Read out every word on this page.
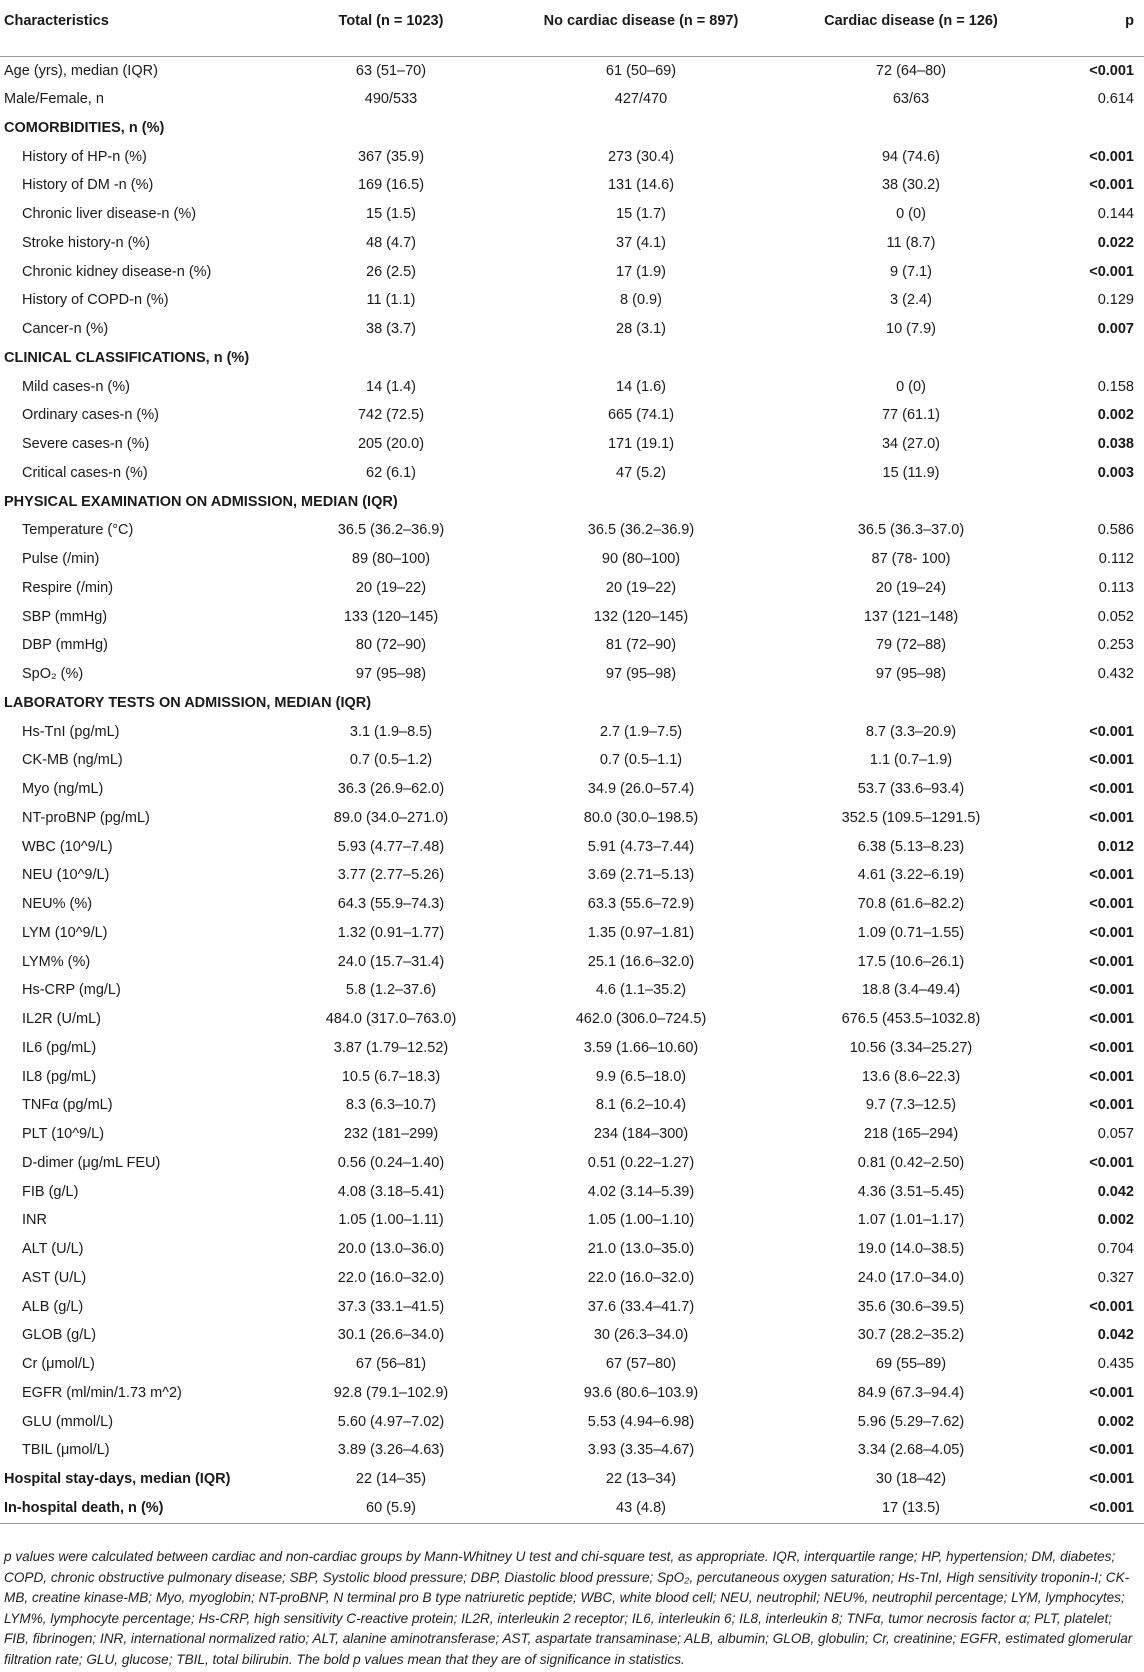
Characteristics	Total (n = 1023)	No cardiac disease (n = 897)	Cardiac disease (n = 126)	p
Age (yrs), median (IQR)	63 (51–70)	61 (50–69)	72 (64–80)	<0.001
Male/Female, n	490/533	427/470	63/63	0.614
COMORBIDITIES, n (%)				
History of HP-n (%)	367 (35.9)	273 (30.4)	94 (74.6)	<0.001
History of DM -n (%)	169 (16.5)	131 (14.6)	38 (30.2)	<0.001
Chronic liver disease-n (%)	15 (1.5)	15 (1.7)	0 (0)	0.144
Stroke history-n (%)	48 (4.7)	37 (4.1)	11 (8.7)	0.022
Chronic kidney disease-n (%)	26 (2.5)	17 (1.9)	9 (7.1)	<0.001
History of COPD-n (%)	11 (1.1)	8 (0.9)	3 (2.4)	0.129
Cancer-n (%)	38 (3.7)	28 (3.1)	10 (7.9)	0.007
CLINICAL CLASSIFICATIONS, n (%)				
Mild cases-n (%)	14 (1.4)	14 (1.6)	0 (0)	0.158
Ordinary cases-n (%)	742 (72.5)	665 (74.1)	77 (61.1)	0.002
Severe cases-n (%)	205 (20.0)	171 (19.1)	34 (27.0)	0.038
Critical cases-n (%)	62 (6.1)	47 (5.2)	15 (11.9)	0.003
PHYSICAL EXAMINATION ON ADMISSION, MEDIAN (IQR)				
Temperature (°C)	36.5 (36.2–36.9)	36.5 (36.2–36.9)	36.5 (36.3–37.0)	0.586
Pulse (/min)	89 (80–100)	90 (80–100)	87 (78- 100)	0.112
Respire (/min)	20 (19–22)	20 (19–22)	20 (19–24)	0.113
SBP (mmHg)	133 (120–145)	132 (120–145)	137 (121–148)	0.052
DBP (mmHg)	80 (72–90)	81 (72–90)	79 (72–88)	0.253
SpO₂ (%)	97 (95–98)	97 (95–98)	97 (95–98)	0.432
LABORATORY TESTS ON ADMISSION, MEDIAN (IQR)				
Hs-TnI (pg/mL)	3.1 (1.9–8.5)	2.7 (1.9–7.5)	8.7 (3.3–20.9)	<0.001
CK-MB (ng/mL)	0.7 (0.5–1.2)	0.7 (0.5–1.1)	1.1 (0.7–1.9)	<0.001
Myo (ng/mL)	36.3 (26.9–62.0)	34.9 (26.0–57.4)	53.7 (33.6–93.4)	<0.001
NT-proBNP (pg/mL)	89.0 (34.0–271.0)	80.0 (30.0–198.5)	352.5 (109.5–1291.5)	<0.001
WBC (10^9/L)	5.93 (4.77–7.48)	5.91 (4.73–7.44)	6.38 (5.13–8.23)	0.012
NEU (10^9/L)	3.77 (2.77–5.26)	3.69 (2.71–5.13)	4.61 (3.22–6.19)	<0.001
NEU% (%)	64.3 (55.9–74.3)	63.3 (55.6–72.9)	70.8 (61.6–82.2)	<0.001
LYM (10^9/L)	1.32 (0.91–1.77)	1.35 (0.97–1.81)	1.09 (0.71–1.55)	<0.001
LYM% (%)	24.0 (15.7–31.4)	25.1 (16.6–32.0)	17.5 (10.6–26.1)	<0.001
Hs-CRP (mg/L)	5.8 (1.2–37.6)	4.6 (1.1–35.2)	18.8 (3.4–49.4)	<0.001
IL2R (U/mL)	484.0 (317.0–763.0)	462.0 (306.0–724.5)	676.5 (453.5–1032.8)	<0.001
IL6 (pg/mL)	3.87 (1.79–12.52)	3.59 (1.66–10.60)	10.56 (3.34–25.27)	<0.001
IL8 (pg/mL)	10.5 (6.7–18.3)	9.9 (6.5–18.0)	13.6 (8.6–22.3)	<0.001
TNFα (pg/mL)	8.3 (6.3–10.7)	8.1 (6.2–10.4)	9.7 (7.3–12.5)	<0.001
PLT (10^9/L)	232 (181–299)	234 (184–300)	218 (165–294)	0.057
D-dimer (μg/mL FEU)	0.56 (0.24–1.40)	0.51 (0.22–1.27)	0.81 (0.42–2.50)	<0.001
FIB (g/L)	4.08 (3.18–5.41)	4.02 (3.14–5.39)	4.36 (3.51–5.45)	0.042
INR	1.05 (1.00–1.11)	1.05 (1.00–1.10)	1.07 (1.01–1.17)	0.002
ALT (U/L)	20.0 (13.0–36.0)	21.0 (13.0–35.0)	19.0 (14.0–38.5)	0.704
AST (U/L)	22.0 (16.0–32.0)	22.0 (16.0–32.0)	24.0 (17.0–34.0)	0.327
ALB (g/L)	37.3 (33.1–41.5)	37.6 (33.4–41.7)	35.6 (30.6–39.5)	<0.001
GLOB (g/L)	30.1 (26.6–34.0)	30 (26.3–34.0)	30.7 (28.2–35.2)	0.042
Cr (μmol/L)	67 (56–81)	67 (57–80)	69 (55–89)	0.435
EGFR (ml/min/1.73 m^2)	92.8 (79.1–102.9)	93.6 (80.6–103.9)	84.9 (67.3–94.4)	<0.001
GLU (mmol/L)	5.60 (4.97–7.02)	5.53 (4.94–6.98)	5.96 (5.29–7.62)	0.002
TBIL (μmol/L)	3.89 (3.26–4.63)	3.93 (3.35–4.67)	3.34 (2.68–4.05)	<0.001
Hospital stay-days, median (IQR)	22 (14–35)	22 (13–34)	30 (18–42)	<0.001
In-hospital death, n (%)	60 (5.9)	43 (4.8)	17 (13.5)	<0.001
p values were calculated between cardiac and non-cardiac groups by Mann-Whitney U test and chi-square test, as appropriate. IQR, interquartile range; HP, hypertension; DM, diabetes; COPD, chronic obstructive pulmonary disease; SBP, Systolic blood pressure; DBP, Diastolic blood pressure; SpO₂, percutaneous oxygen saturation; Hs-TnI, High sensitivity troponin-I; CK-MB, creatine kinase-MB; Myo, myoglobin; NT-proBNP, N terminal pro B type natriuretic peptide; WBC, white blood cell; NEU, neutrophil; NEU%, neutrophil percentage; LYM, lymphocytes; LYM%, lymphocyte percentage; Hs-CRP, high sensitivity C-reactive protein; IL2R, interleukin 2 receptor; IL6, interleukin 6; IL8, interleukin 8; TNFα, tumor necrosis factor α; PLT, platelet; FIB, fibrinogen; INR, international normalized ratio; ALT, alanine aminotransferase; AST, aspartate transaminase; ALB, albumin; GLOB, globulin; Cr, creatinine; EGFR, estimated glomerular filtration rate; GLU, glucose; TBIL, total bilirubin. The bold p values mean that they are of significance in statistics.
